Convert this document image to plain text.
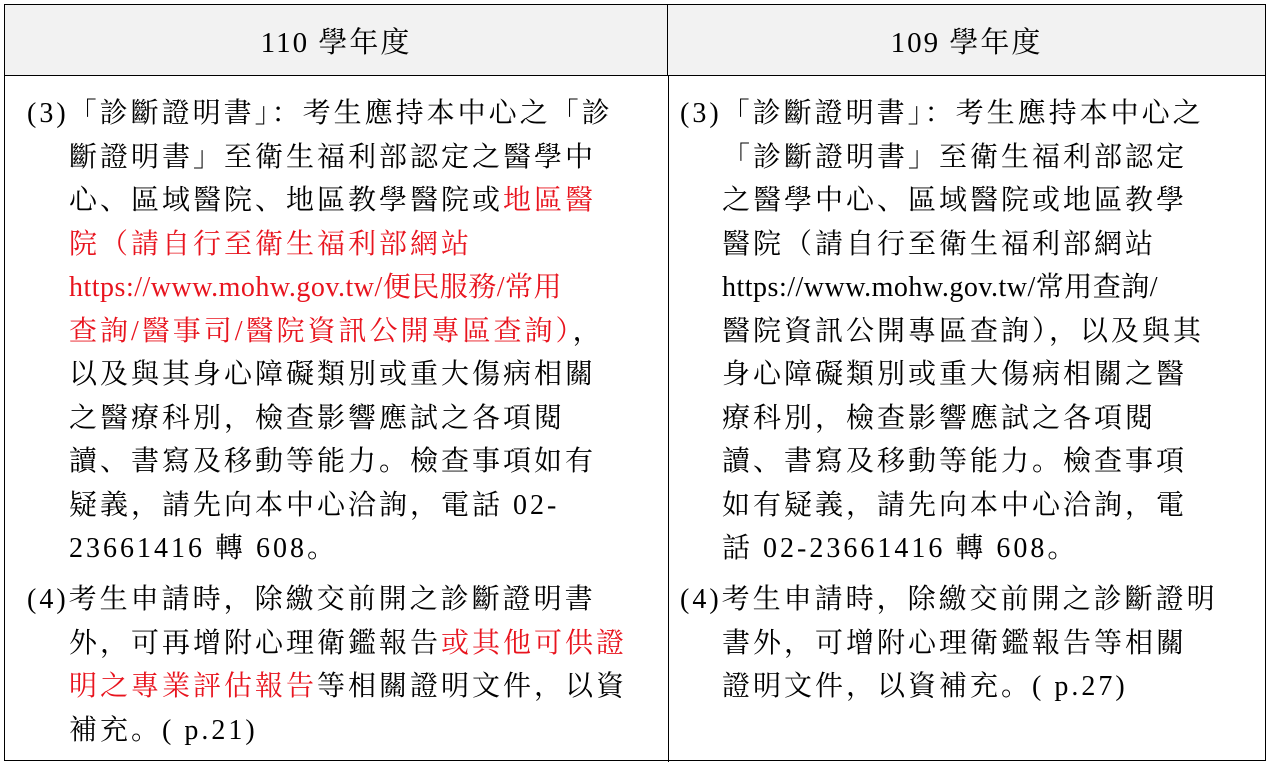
110 學年度	109 學年度
(3)「診斷證明書」：考生應持本中心之「診
斷證明書」至衛生福利部認定之醫學中
心、區域醫院、地區教學醫院或地區醫
院（請自行至衛生福利部網站
https://www.mohw.gov.tw/便民服務/常用
查詢/醫事司/醫院資訊公開專區查詢），
以及與其身心障礙類別或重大傷病相關
之醫療科別，檢查影響應試之各項閱
讀、書寫及移動等能力。檢查事項如有
疑義，請先向本中心洽詢，電話 02-
23661416 轉 608。
(4)考生申請時，除繳交前開之診斷證明書
外，可再增附心理衛鑑報告或其他可供證
明之專業評估報告等相關證明文件，以資
補充。( p.21)
(3)「診斷證明書」：考生應持本中心之
「診斷證明書」至衛生福利部認定
之醫學中心、區域醫院或地區教學
醫院（請自行至衛生福利部網站
https://www.mohw.gov.tw/常用查詢/
醫院資訊公開專區查詢），以及與其
身心障礙類別或重大傷病相關之醫
療科別，檢查影響應試之各項閱
讀、書寫及移動等能力。檢查事項
如有疑義，請先向本中心洽詢，電
話 02-23661416 轉 608。
(4)考生申請時，除繳交前開之診斷證明
書外，可增附心理衛鑑報告等相關
證明文件，以資補充。( p.27)
